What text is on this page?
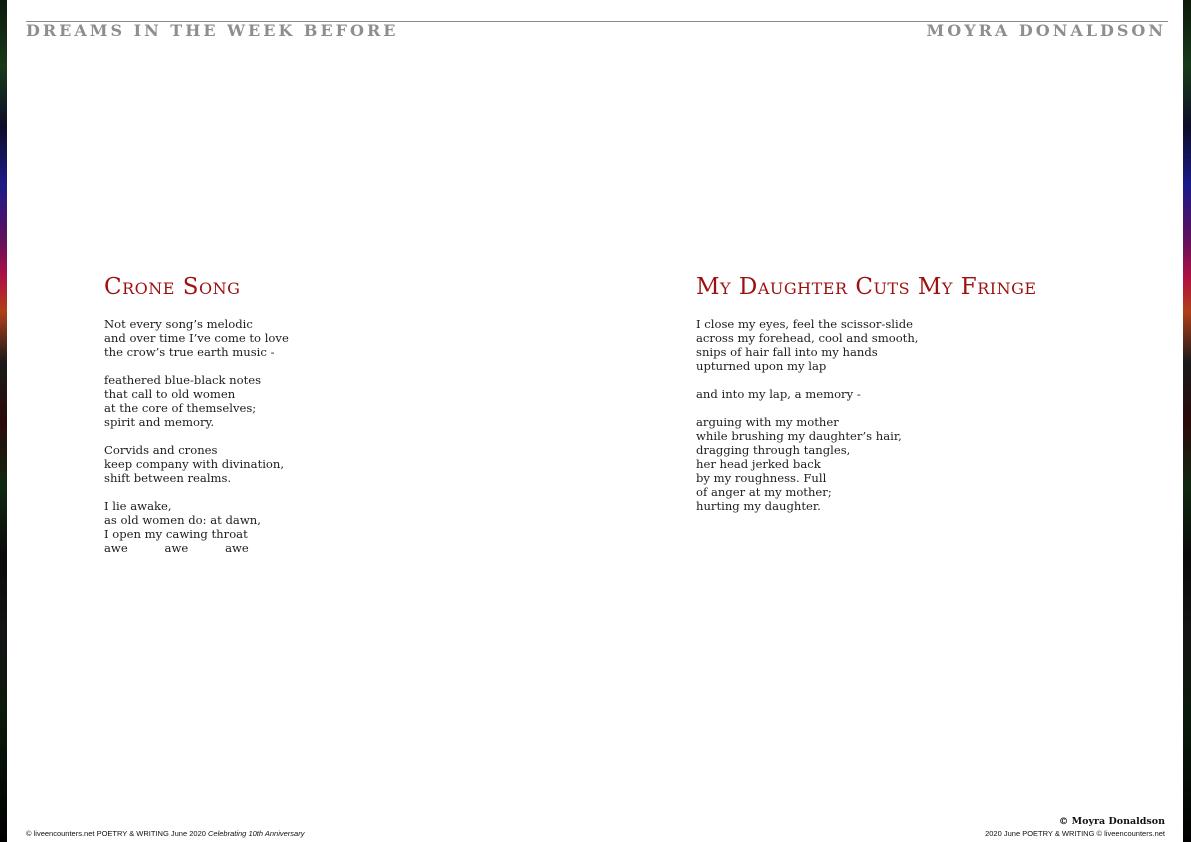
DREAMS IN THE WEEK BEFORE	MOYRA DONALDSON
Crone Song
Not every song’s melodic
and over time I’ve come to love
the crow’s true earth music -
feathered blue-black notes
that call to old women
at the core of themselves;
spirit and memory.
Corvids and crones
keep company with divination,
shift between realms.
I lie awake,
as old women do: at dawn,
I open my cawing throat
awe          awe          awe
My Daughter Cuts My Fringe
I close my eyes, feel the scissor-slide
across my forehead, cool and smooth,
snips of hair fall into my hands
upturned upon my lap
and into my lap, a memory -
arguing with my mother
while brushing my daughter’s hair,
dragging through tangles,
her head jerked back
by my roughness. Full
of anger at my mother;
hurting my daughter.
© liveencounters.net POETRY & WRITING June 2020 Celebrating 10th Anniversary
© Moyra Donaldson
2020 June POETRY & WRITING © liveencounters.net
